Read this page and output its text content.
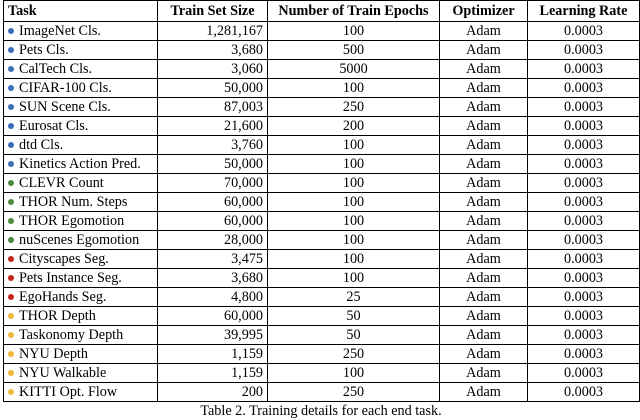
Task	Train Set Size	Number of Train Epochs	Optimizer	Learning Rate
ImageNet Cls.	1,281,167	100	Adam	0.0003
Pets Cls.	3,680	500	Adam	0.0003
CalTech Cls.	3,060	5000	Adam	0.0003
CIFAR-100 Cls.	50,000	100	Adam	0.0003
SUN Scene Cls.	87,003	250	Adam	0.0003
Eurosat Cls.	21,600	200	Adam	0.0003
dtd Cls.	3,760	100	Adam	0.0003
Kinetics Action Pred.	50,000	100	Adam	0.0003
CLEVR Count	70,000	100	Adam	0.0003
THOR Num. Steps	60,000	100	Adam	0.0003
THOR Egomotion	60,000	100	Adam	0.0003
nuScenes Egomotion	28,000	100	Adam	0.0003
Cityscapes Seg.	3,475	100	Adam	0.0003
Pets Instance Seg.	3,680	100	Adam	0.0003
EgoHands Seg.	4,800	25	Adam	0.0003
THOR Depth	60,000	50	Adam	0.0003
Taskonomy Depth	39,995	50	Adam	0.0003
NYU Depth	1,159	250	Adam	0.0003
NYU Walkable	1,159	100	Adam	0.0003
KITTI Opt. Flow	200	250	Adam	0.0003
Table 2. Training details for each end task.
